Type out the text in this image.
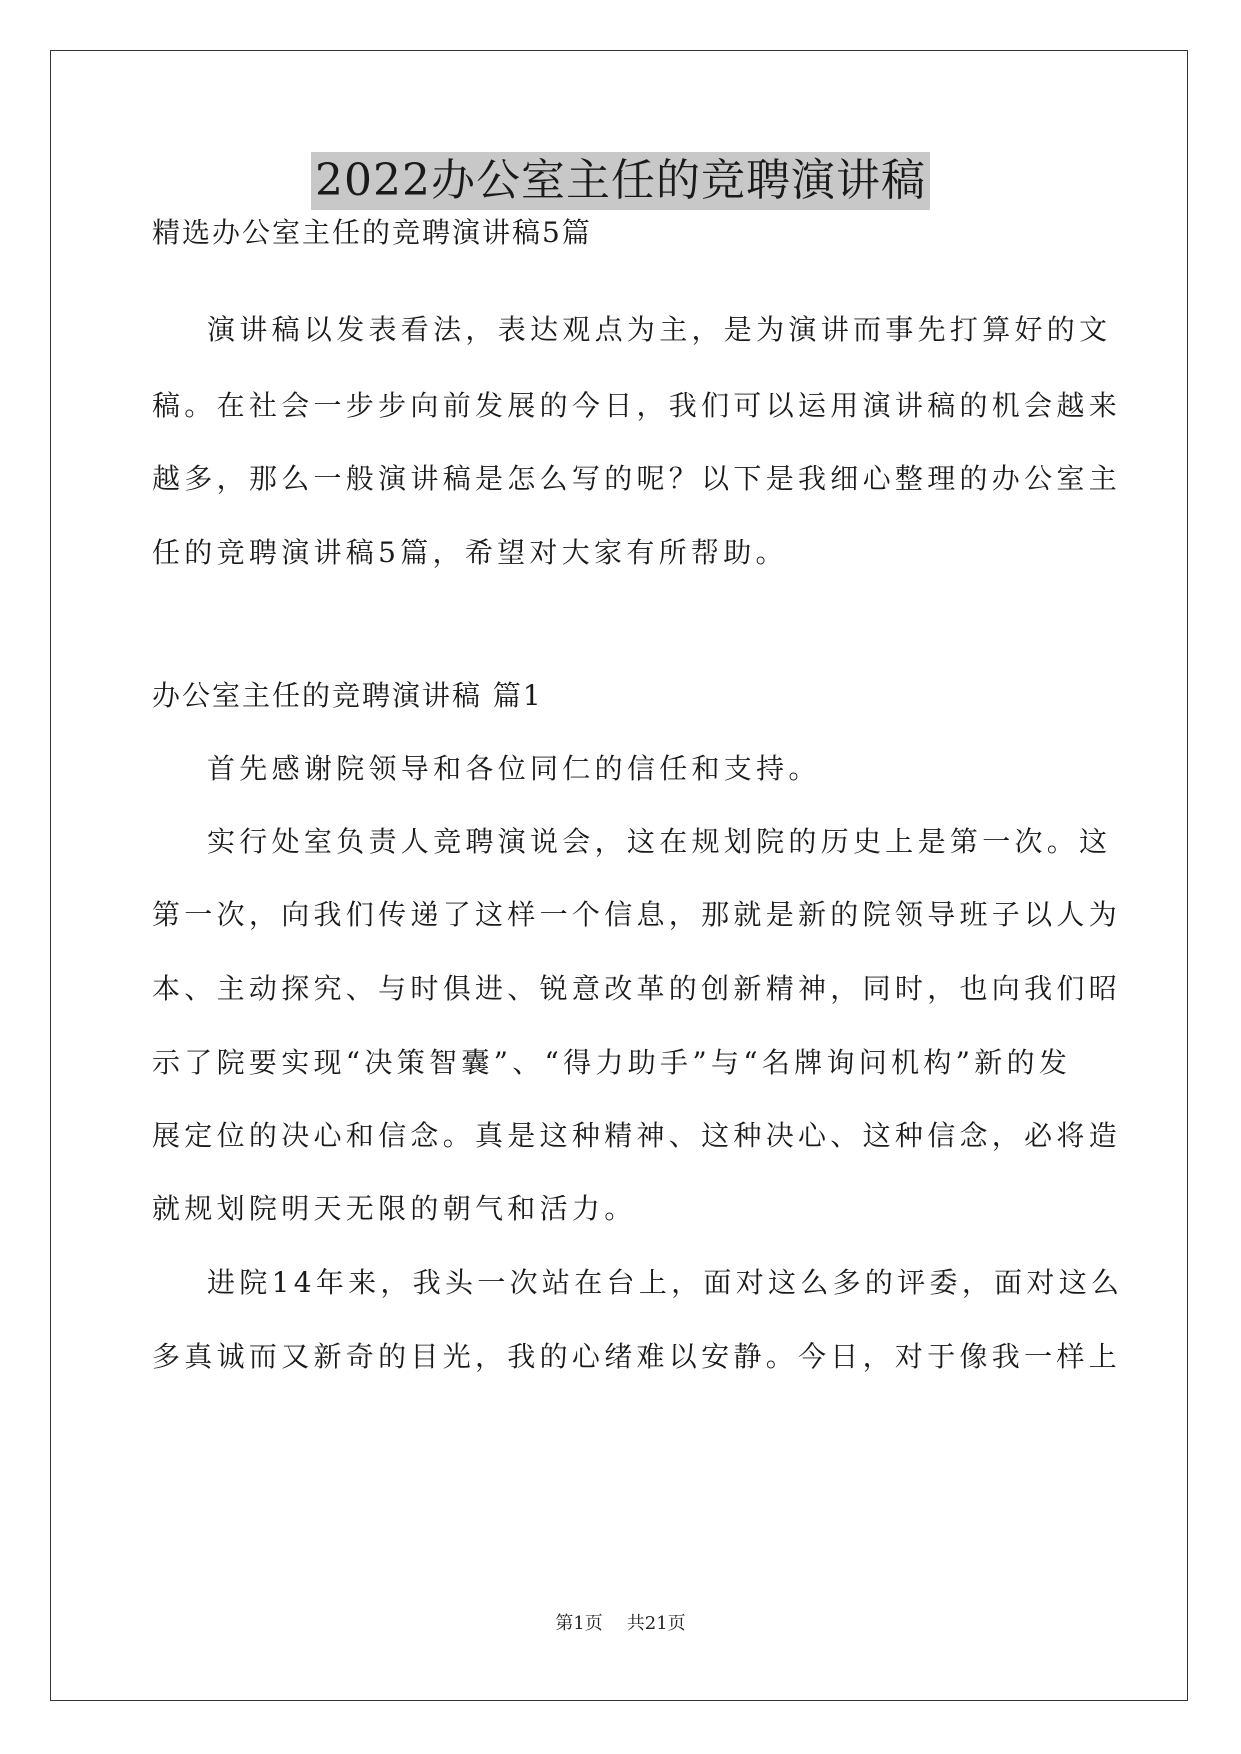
2022办公室主任的竞聘演讲稿
精选办公室主任的竞聘演讲稿5篇
演讲稿以发表看法，表达观点为主，是为演讲而事先打算好的文
稿。在社会一步步向前发展的今日，我们可以运用演讲稿的机会越来
越多，那么一般演讲稿是怎么写的呢？以下是我细心整理的办公室主
任的竞聘演讲稿5篇，希望对大家有所帮助。
办公室主任的竞聘演讲稿 篇1
首先感谢院领导和各位同仁的信任和支持。
实行处室负责人竞聘演说会，这在规划院的历史上是第一次。这
第一次，向我们传递了这样一个信息，那就是新的院领导班子以人为
本、主动探究、与时俱进、锐意改革的创新精神，同时，也向我们昭
示了院要实现“决策智囊”、“得力助手”与“名牌询问机构”新的发
展定位的决心和信念。真是这种精神、这种决心、这种信念，必将造
就规划院明天无限的朝气和活力。
进院14年来，我头一次站在台上，面对这么多的评委，面对这么
多真诚而又新奇的目光，我的心绪难以安静。今日，对于像我一样上
第1页 共21页
